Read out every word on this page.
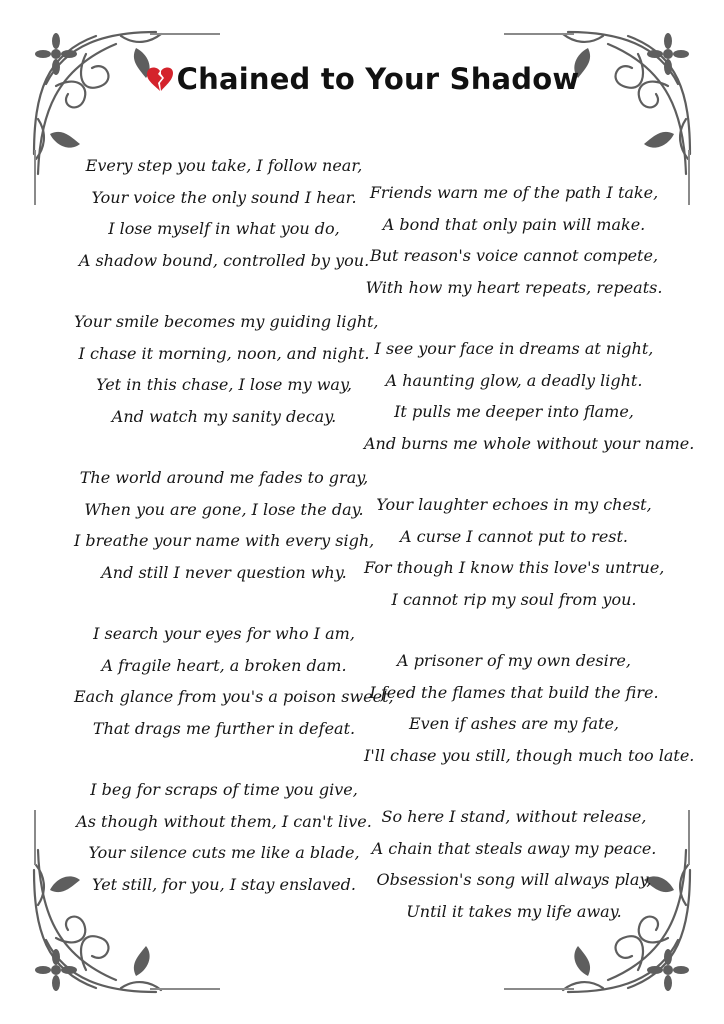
Chained to Your Shadow
Every step you take, I follow near,
Your voice the only sound I hear.
I lose myself in what you do,
A shadow bound, controlled by you.
Your smile becomes my guiding light,
I chase it morning, noon, and night.
Yet in this chase, I lose my way,
And watch my sanity decay.
The world around me fades to gray,
When you are gone, I lose the day.
I breathe your name with every sigh,
And still I never question why.
I search your eyes for who I am,
A fragile heart, a broken dam.
Each glance from you's a poison sweet,
That drags me further in defeat.
I beg for scraps of time you give,
As though without them, I can't live.
Your silence cuts me like a blade,
Yet still, for you, I stay enslaved.
Friends warn me of the path I take,
A bond that only pain will make.
But reason's voice cannot compete,
With how my heart repeats, repeats.
I see your face in dreams at night,
A haunting glow, a deadly light.
It pulls me deeper into flame,
And burns me whole without your name.
Your laughter echoes in my chest,
A curse I cannot put to rest.
For though I know this love's untrue,
I cannot rip my soul from you.
A prisoner of my own desire,
I feed the flames that build the fire.
Even if ashes are my fate,
I'll chase you still, though much too late.
So here I stand, without release,
A chain that steals away my peace.
Obsession's song will always play,
Until it takes my life away.
